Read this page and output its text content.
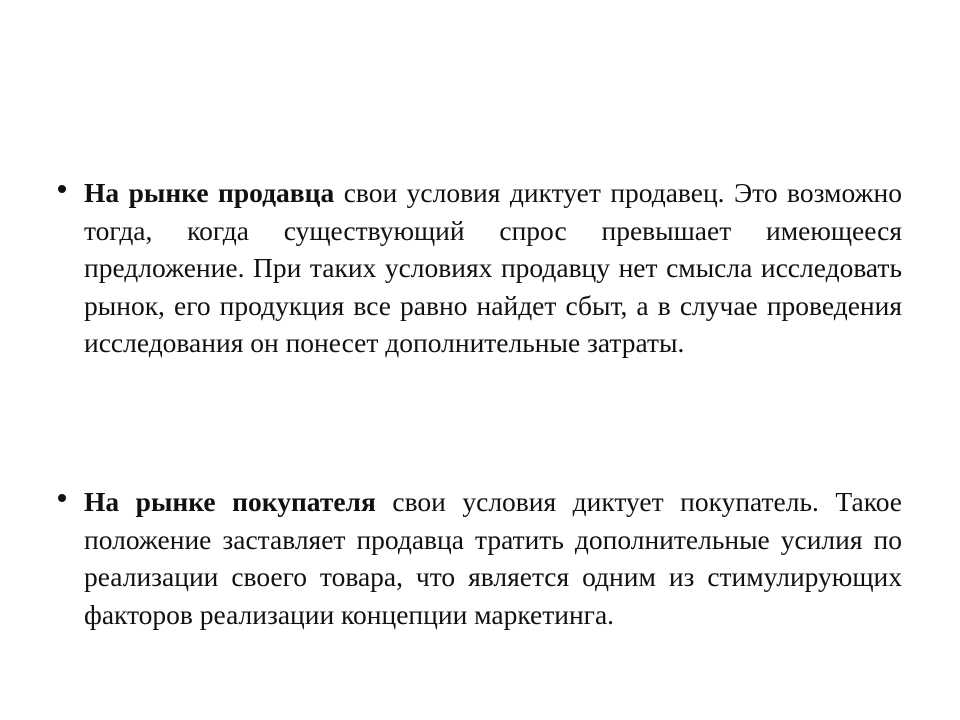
На рынке продавца свои условия диктует продавец. Это возможно тогда, когда существующий спрос превышает имеющееся предложение. При таких условиях продавцу нет смысла исследовать рынок, его продукция все равно найдет сбыт, а в случае проведения исследования он понесет дополнительные затраты.

На рынке покупателя свои условия диктует покупатель. Такое положение заставляет продавца тратить дополнительные усилия по реализации своего товара, что является одним из стимулирующих факторов реализации концепции маркетинга.
